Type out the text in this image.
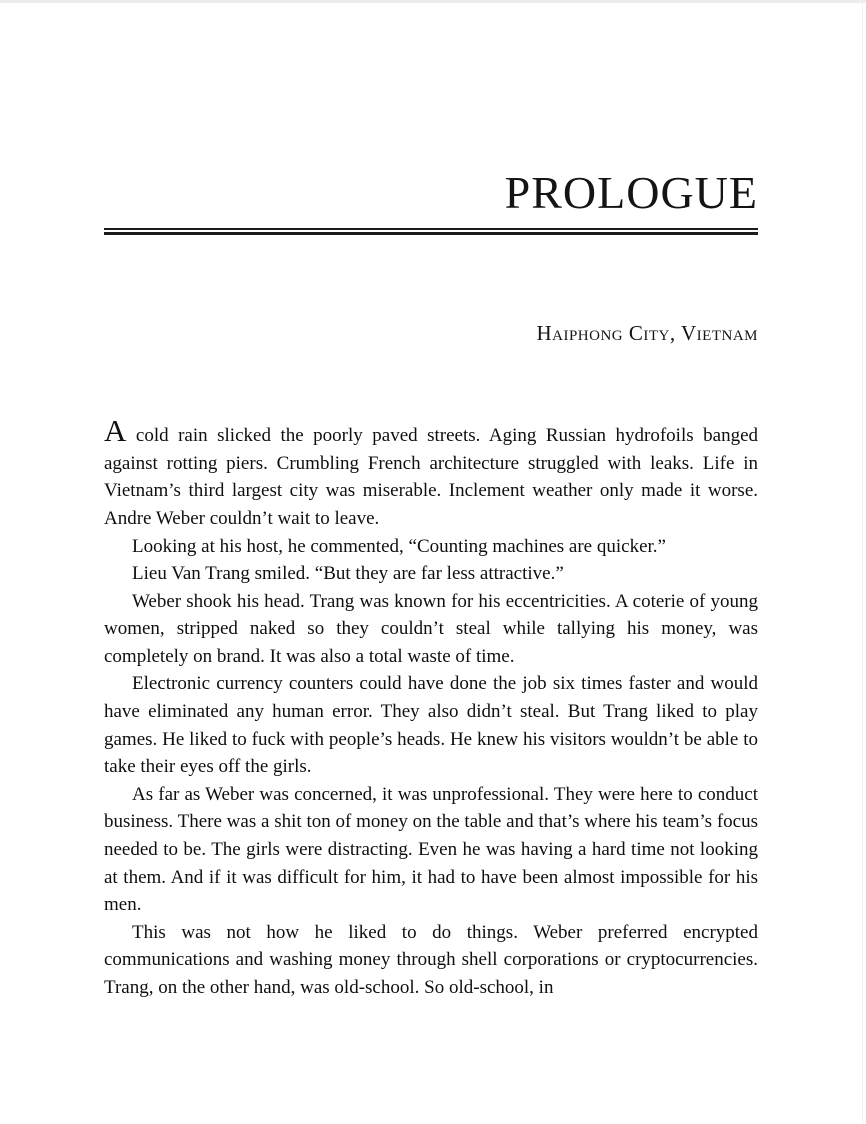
PROLOGUE
Haiphong City, Vietnam

A cold rain slicked the poorly paved streets. Aging Russian hydrofoils banged against rotting piers. Crumbling French architecture struggled with leaks. Life in Vietnam’s third largest city was miserable. Inclement weather only made it worse. Andre Weber couldn’t wait to leave.

Looking at his host, he commented, “Counting machines are quicker.”

Lieu Van Trang smiled. “But they are far less attractive.”

Weber shook his head. Trang was known for his eccentricities. A coterie of young women, stripped naked so they couldn’t steal while tallying his money, was completely on brand. It was also a total waste of time.

Electronic currency counters could have done the job six times faster and would have eliminated any human error. They also didn’t steal. But Trang liked to play games. He liked to fuck with people’s heads. He knew his visitors wouldn’t be able to take their eyes off the girls.

As far as Weber was concerned, it was unprofessional. They were here to conduct business. There was a shit ton of money on the table and that’s where his team’s focus needed to be. The girls were distracting. Even he was having a hard time not looking at them. And if it was difficult for him, it had to have been almost impossible for his men.

This was not how he liked to do things. Weber preferred encrypted communications and washing money through shell corporations or cryptocurrencies. Trang, on the other hand, was old-school. So old-school, in
